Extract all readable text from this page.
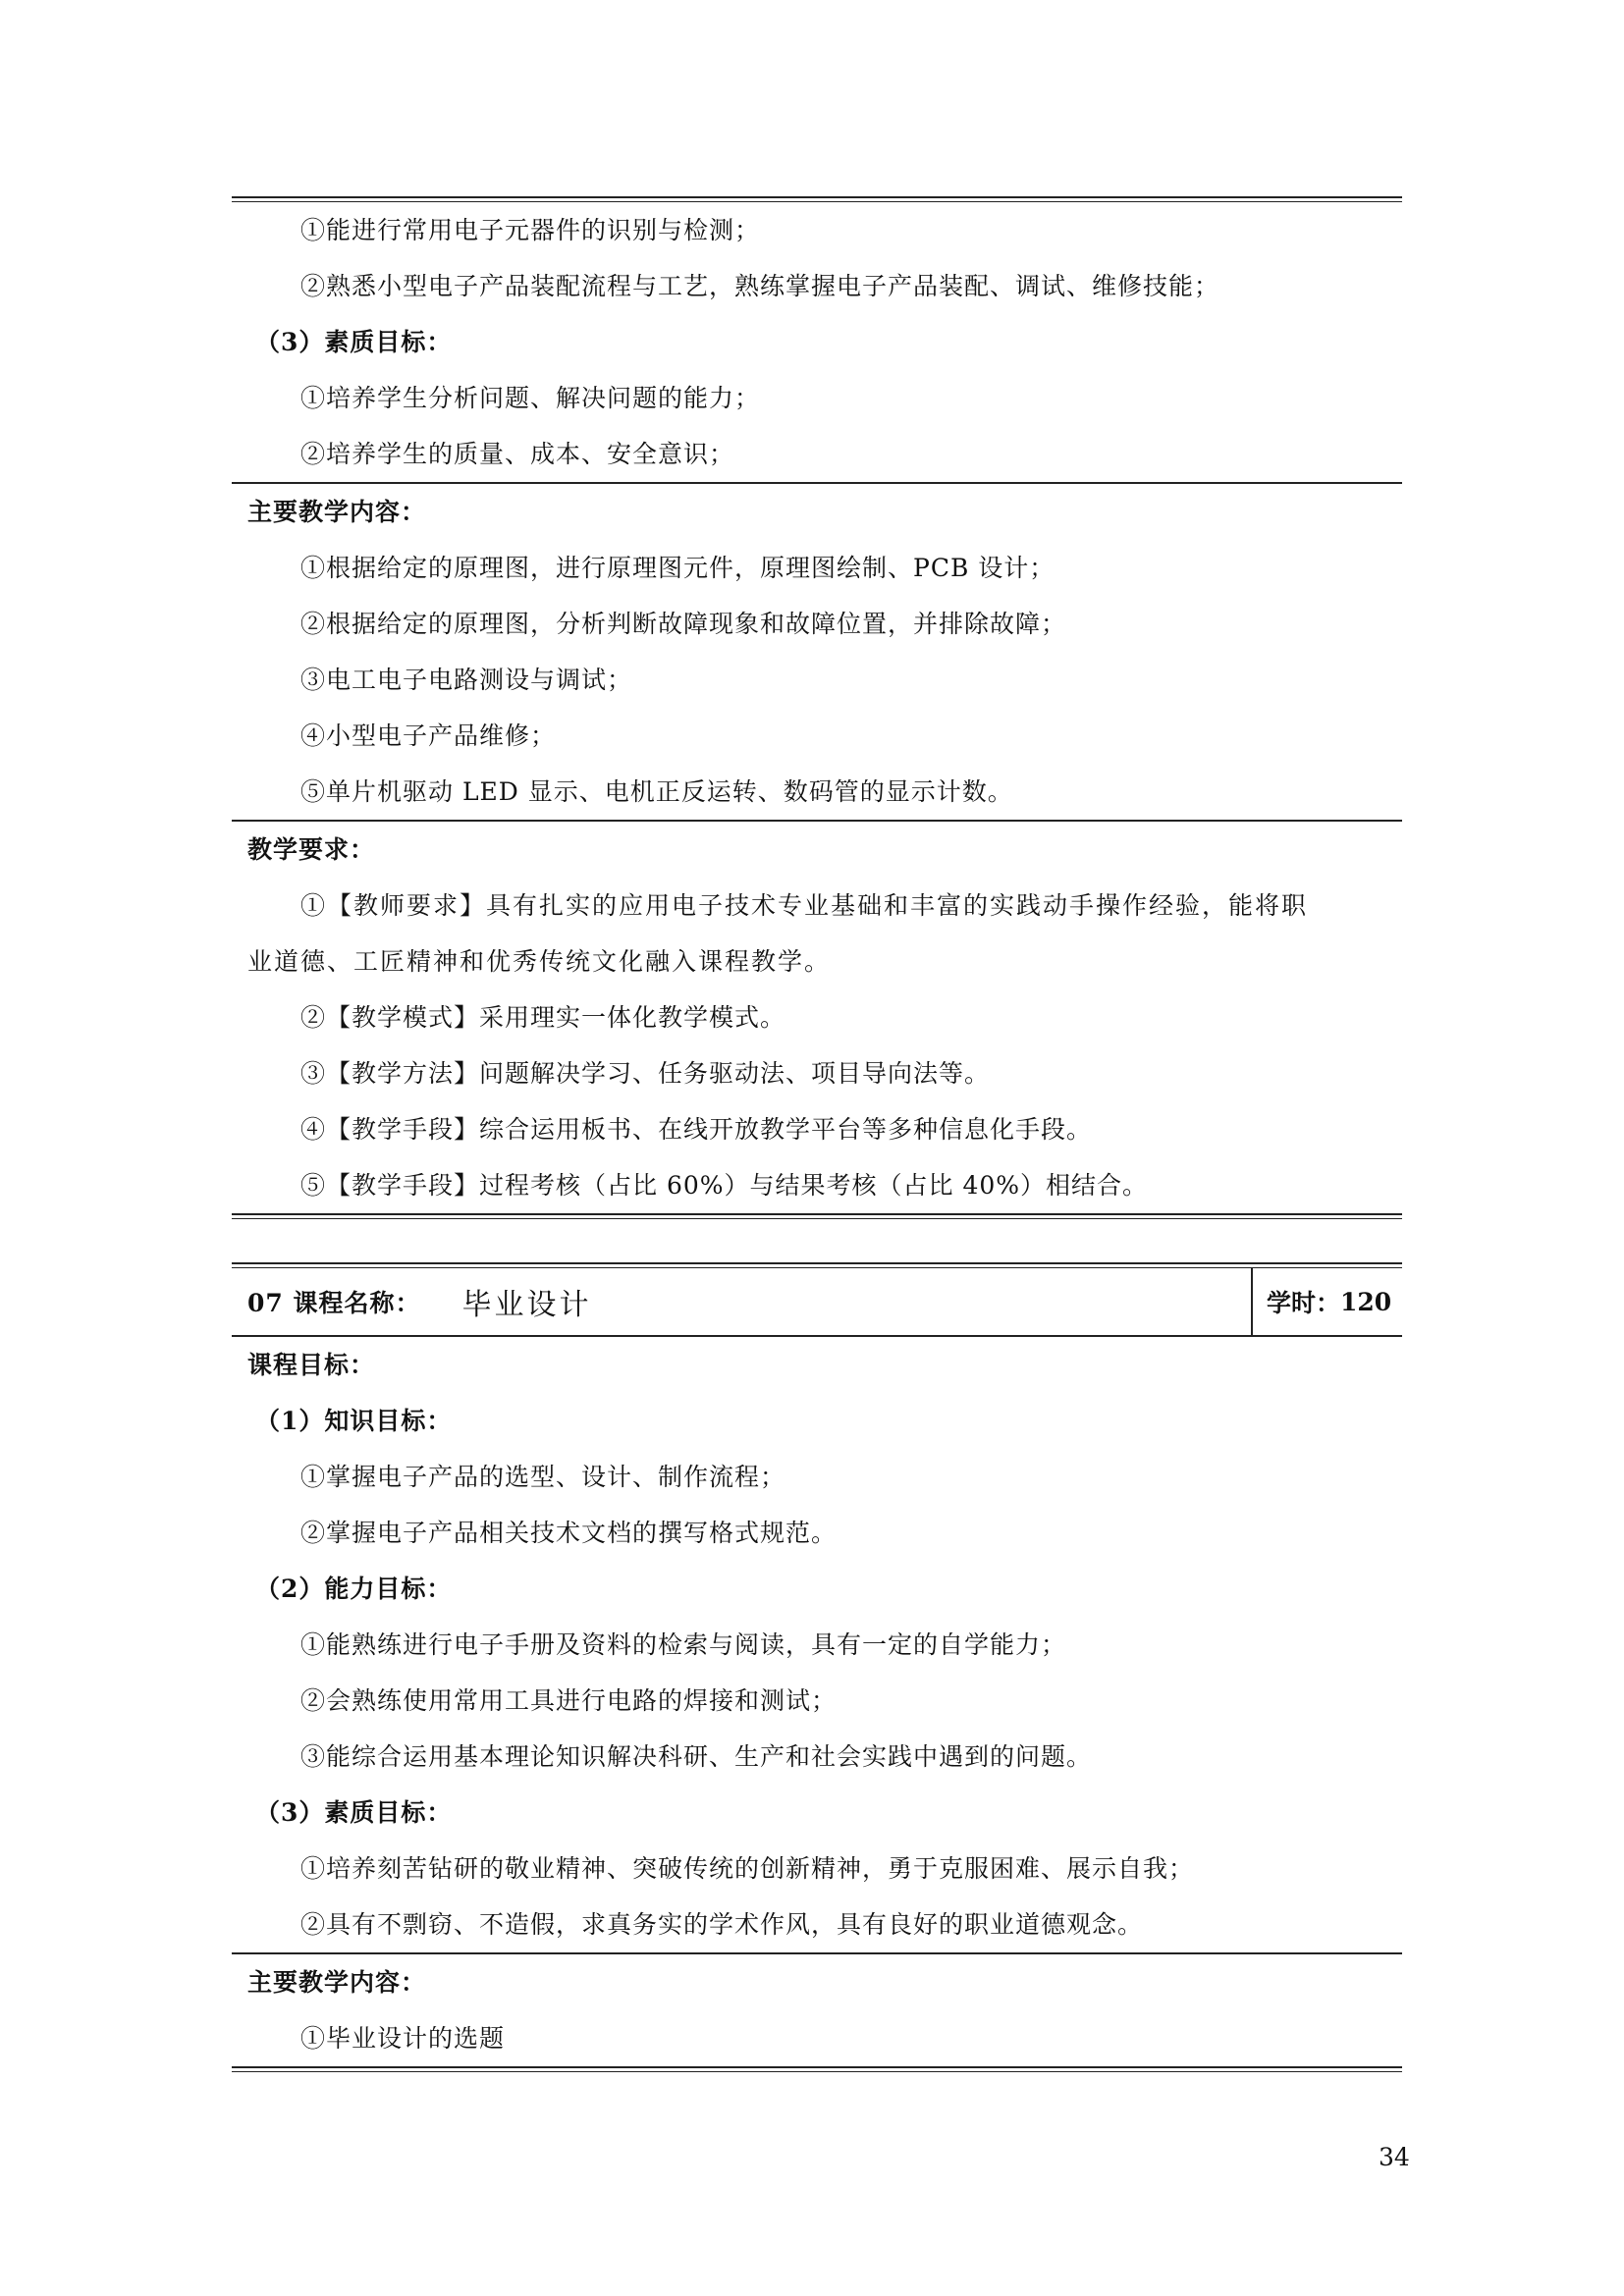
①能进行常用电子元器件的识别与检测；
②熟悉小型电子产品装配流程与工艺，熟练掌握电子产品装配、调试、维修技能；
（3）素质目标：
①培养学生分析问题、解决问题的能力；
②培养学生的质量、成本、安全意识；
主要教学内容：
①根据给定的原理图，进行原理图元件，原理图绘制、PCB 设计；
②根据给定的原理图，分析判断故障现象和故障位置，并排除故障；
③电工电子电路测设与调试；
④小型电子产品维修；
⑤单片机驱动 LED 显示、电机正反运转、数码管的显示计数。
教学要求：
①【教师要求】具有扎实的应用电子技术专业基础和丰富的实践动手操作经验，能将职
业道德、工匠精神和优秀传统文化融入课程教学。
②【教学模式】采用理实一体化教学模式。
③【教学方法】问题解决学习、任务驱动法、项目导向法等。
④【教学手段】综合运用板书、在线开放教学平台等多种信息化手段。
⑤【教学手段】过程考核（占比 60%）与结果考核（占比 40%）相结合。
07 课程名称： 毕业设计	学时： 120
课程目标：
（1）知识目标：
①掌握电子产品的选型、设计、制作流程；
②掌握电子产品相关技术文档的撰写格式规范。
（2）能力目标：
①能熟练进行电子手册及资料的检索与阅读，具有一定的自学能力；
②会熟练使用常用工具进行电路的焊接和测试；
③能综合运用基本理论知识解决科研、生产和社会实践中遇到的问题。
（3）素质目标：
①培养刻苦钻研的敬业精神、突破传统的创新精神，勇于克服困难、展示自我；
②具有不剽窃、不造假，求真务实的学术作风，具有良好的职业道德观念。
主要教学内容：
①毕业设计的选题
34
